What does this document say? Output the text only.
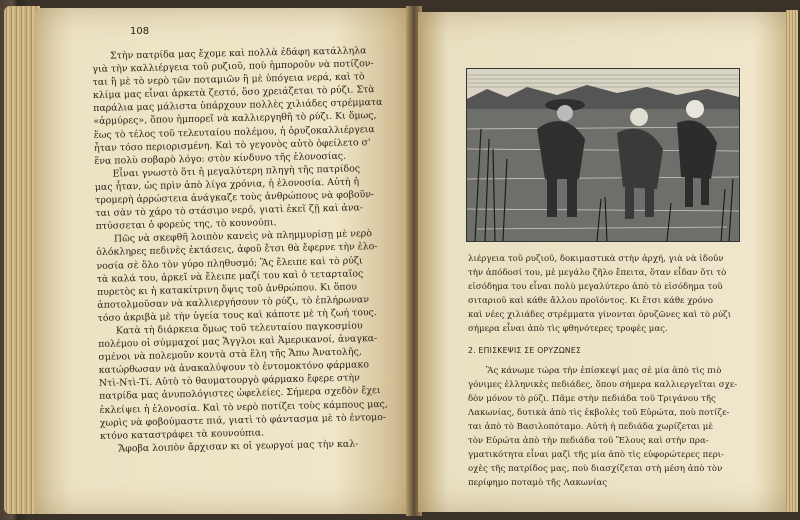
108
Στὴν πατρίδα μας ἔχομε καὶ πολλὰ ἐδάφη κατάλληλα
γιὰ τὴν καλλιέργεια τοῦ ρυζιοῦ, ποὺ ἡμποροῦν νὰ ποτίζον-
ται ἢ μὲ τὸ νερὸ τῶν ποταμιῶν ἢ μὲ ὑπόγεια νερά, καὶ τὸ
κλίμα μας εἶναι ἀρκετὰ ζεστό, ὅσο χρειάζεται τὸ ρύζι. Στὰ
παράλια μας μάλιστα ὑπάρχουν πολλὲς χιλιάδες στρέμματα
«ἁρμύρες», ὅπου ἡμπορεῖ νὰ καλλιεργηθῆ τὸ ρύζι. Κι ὅμως,
ἕως τὸ τέλος τοῦ τελευταίου πολέμου, ἡ ὀρυζοκαλλιέργεια
ἦταν τόσο περιορισμένη. Καὶ τὸ γεγονὸς αὐτὸ ὀφείλετο σ'
ἕνα πολὺ σοβαρὸ λόγο: στὸν κίνδυνο τῆς ἑλονοσίας.
Εἶναι γνωστὸ ὅτι ἡ μεγαλύτερη πληγὴ τῆς πατρίδος
μας ἦταν, ὡς πρὶν ἀπὸ λίγα χρόνια, ἡ ἑλονοσία. Αὐτὴ ἡ
τρομερὴ ἀρρώστεια ἀνάγκαζε τοὺς ἀνθρώπους νὰ φοβοῦν-
ται σὰν τὸ χάρο τὸ στάσιμο νερό, γιατὶ ἐκεῖ ζῇ καὶ ἀνα-
πτύσσεται ὁ φορεύς της, τὸ κουνούπι.
Πῶς νὰ σκεφθῆ λοιπὸν κανεὶς νὰ πλημμυρίσῃ μὲ νερὸ
ὁλόκληρες πεδινὲς ἐκτάσεις, ἀφοῦ ἔτσι θὰ ἔφερνε τὴν ἑλο-
νοσία σὲ ὅλο τὸν γύρο πληθυσμό; Ἂς ἔλειπε καὶ τὸ ρύζι
τὰ καλά του, ἀρκεῖ νὰ ἔλειπε μαζί του καὶ ὁ τεταρταῖος
πυρετὸς κι ἡ κατακίτρινη ὄψις τοῦ ἀνθρώπου. Κι ὅπου
ἀποτολμοῦσαν νὰ καλλιεργήσουν τὸ ρύζι, τὸ ἐπλήρωναν
τόσο ἀκριβὰ μὲ τὴν ὑγεία τους καὶ κάποτε μὲ τὴ ζωή τους.
Κατὰ τὴ διάρκεια ὅμως τοῦ τελευταίου παγκοσμίου
πολέμου οἱ σύμμαχοί μας Ἄγγλοι καὶ Ἀμερικανοί, ἀναγκα-
σμένοι νὰ πολεμοῦν κοντὰ στὰ ἕλη τῆς Ἄπω Ἀνατολῆς,
κατώρθωσαν νὰ ἀνακαλύψουν τὸ ἐντομοκτόνο φάρμακο
Ντὶ-Ντὶ-Τί. Αὐτὸ τὸ θαυματουργὸ φάρμακο ἔφερε στὴν
πατρίδα μας ἀνυπολόγιστες ὠφελείες. Σήμερα σχεδὸν ἔχει
ἐκλείψει ἡ ἑλονοσία. Καὶ τὸ νερὸ ποτίζει τοὺς κάμπους μας,
χωρὶς νὰ φοβούμαστε πιά, γιατὶ τὸ φάντασμα μὲ τὸ ἐντομο-
κτόνο καταστράφει τὰ κουνούπια.
Ἄφοβα λοιπὸν ἄρχισαν κι οἱ γεωργοί μας τὴν καλ-
λιέργεια τοῦ ρυζιοῦ, δοκιμαστικὰ στὴν ἀρχή, γιὰ νὰ ἰδοῦν
τὴν ἀπόδοσί του, μὲ μεγάλο ζῆλο ἔπειτα, ὅταν εἶδαν ὅτι τὸ
εἰσόδημα του εἶναι πολὺ μεγαλύτερο ἀπὸ τὸ εἰσόδημα τοῦ
σιταριοῦ καὶ κάθε ἄλλου προϊόντος. Κι ἔτσι κάθε χρόνο
καὶ νέες χιλιάδες στρέμματα γίνονται ὀρυζῶνες καὶ τὸ ρύζι
σήμερα εἶναι ἀπὸ τὶς φθηνότερες τροφὲς μας.
2. ΕΠΙΣΚΕΨΙΣ ΣΕ ΟΡΥΖΩΝΕΣ
Ἂς κάνωμε τώρα τὴν ἐπίσκεψί μας σὲ μία ἀπὸ τὶς πιὸ
γόνιμες ἑλληνικὲς πεδιάδες, ὅπου σήμερα καλλιεργεῖται σχε-
δὸν μόνον τὸ ρύζι. Πᾶμε στὴν πεδιάδα τοῦ Τριγάνου τῆς
Λακωνίας, δυτικὰ ἀπὸ τὶς ἐκβολὲς τοῦ Εὐρώτα, ποὺ ποτίζε-
ται ἀπὸ τὸ Βασιλοπόταμο. Αὐτὴ ἡ πεδιάδα χωρίζεται μὲ
τὸν Εὐρώτα ἀπὸ τὴν πεδιάδα τοῦ Ἕλους καὶ στὴν πρα-
γματικότητα εἶναι μαζὶ τῆς μία ἀπὸ τὶς εὐφορώτερες περι-
οχὲς τῆς πατρίδος μας, ποὺ διασχίζεται στὴ μέση ἀπὸ τὸν
περίφημο ποταμὸ τῆς Λακωνίας
